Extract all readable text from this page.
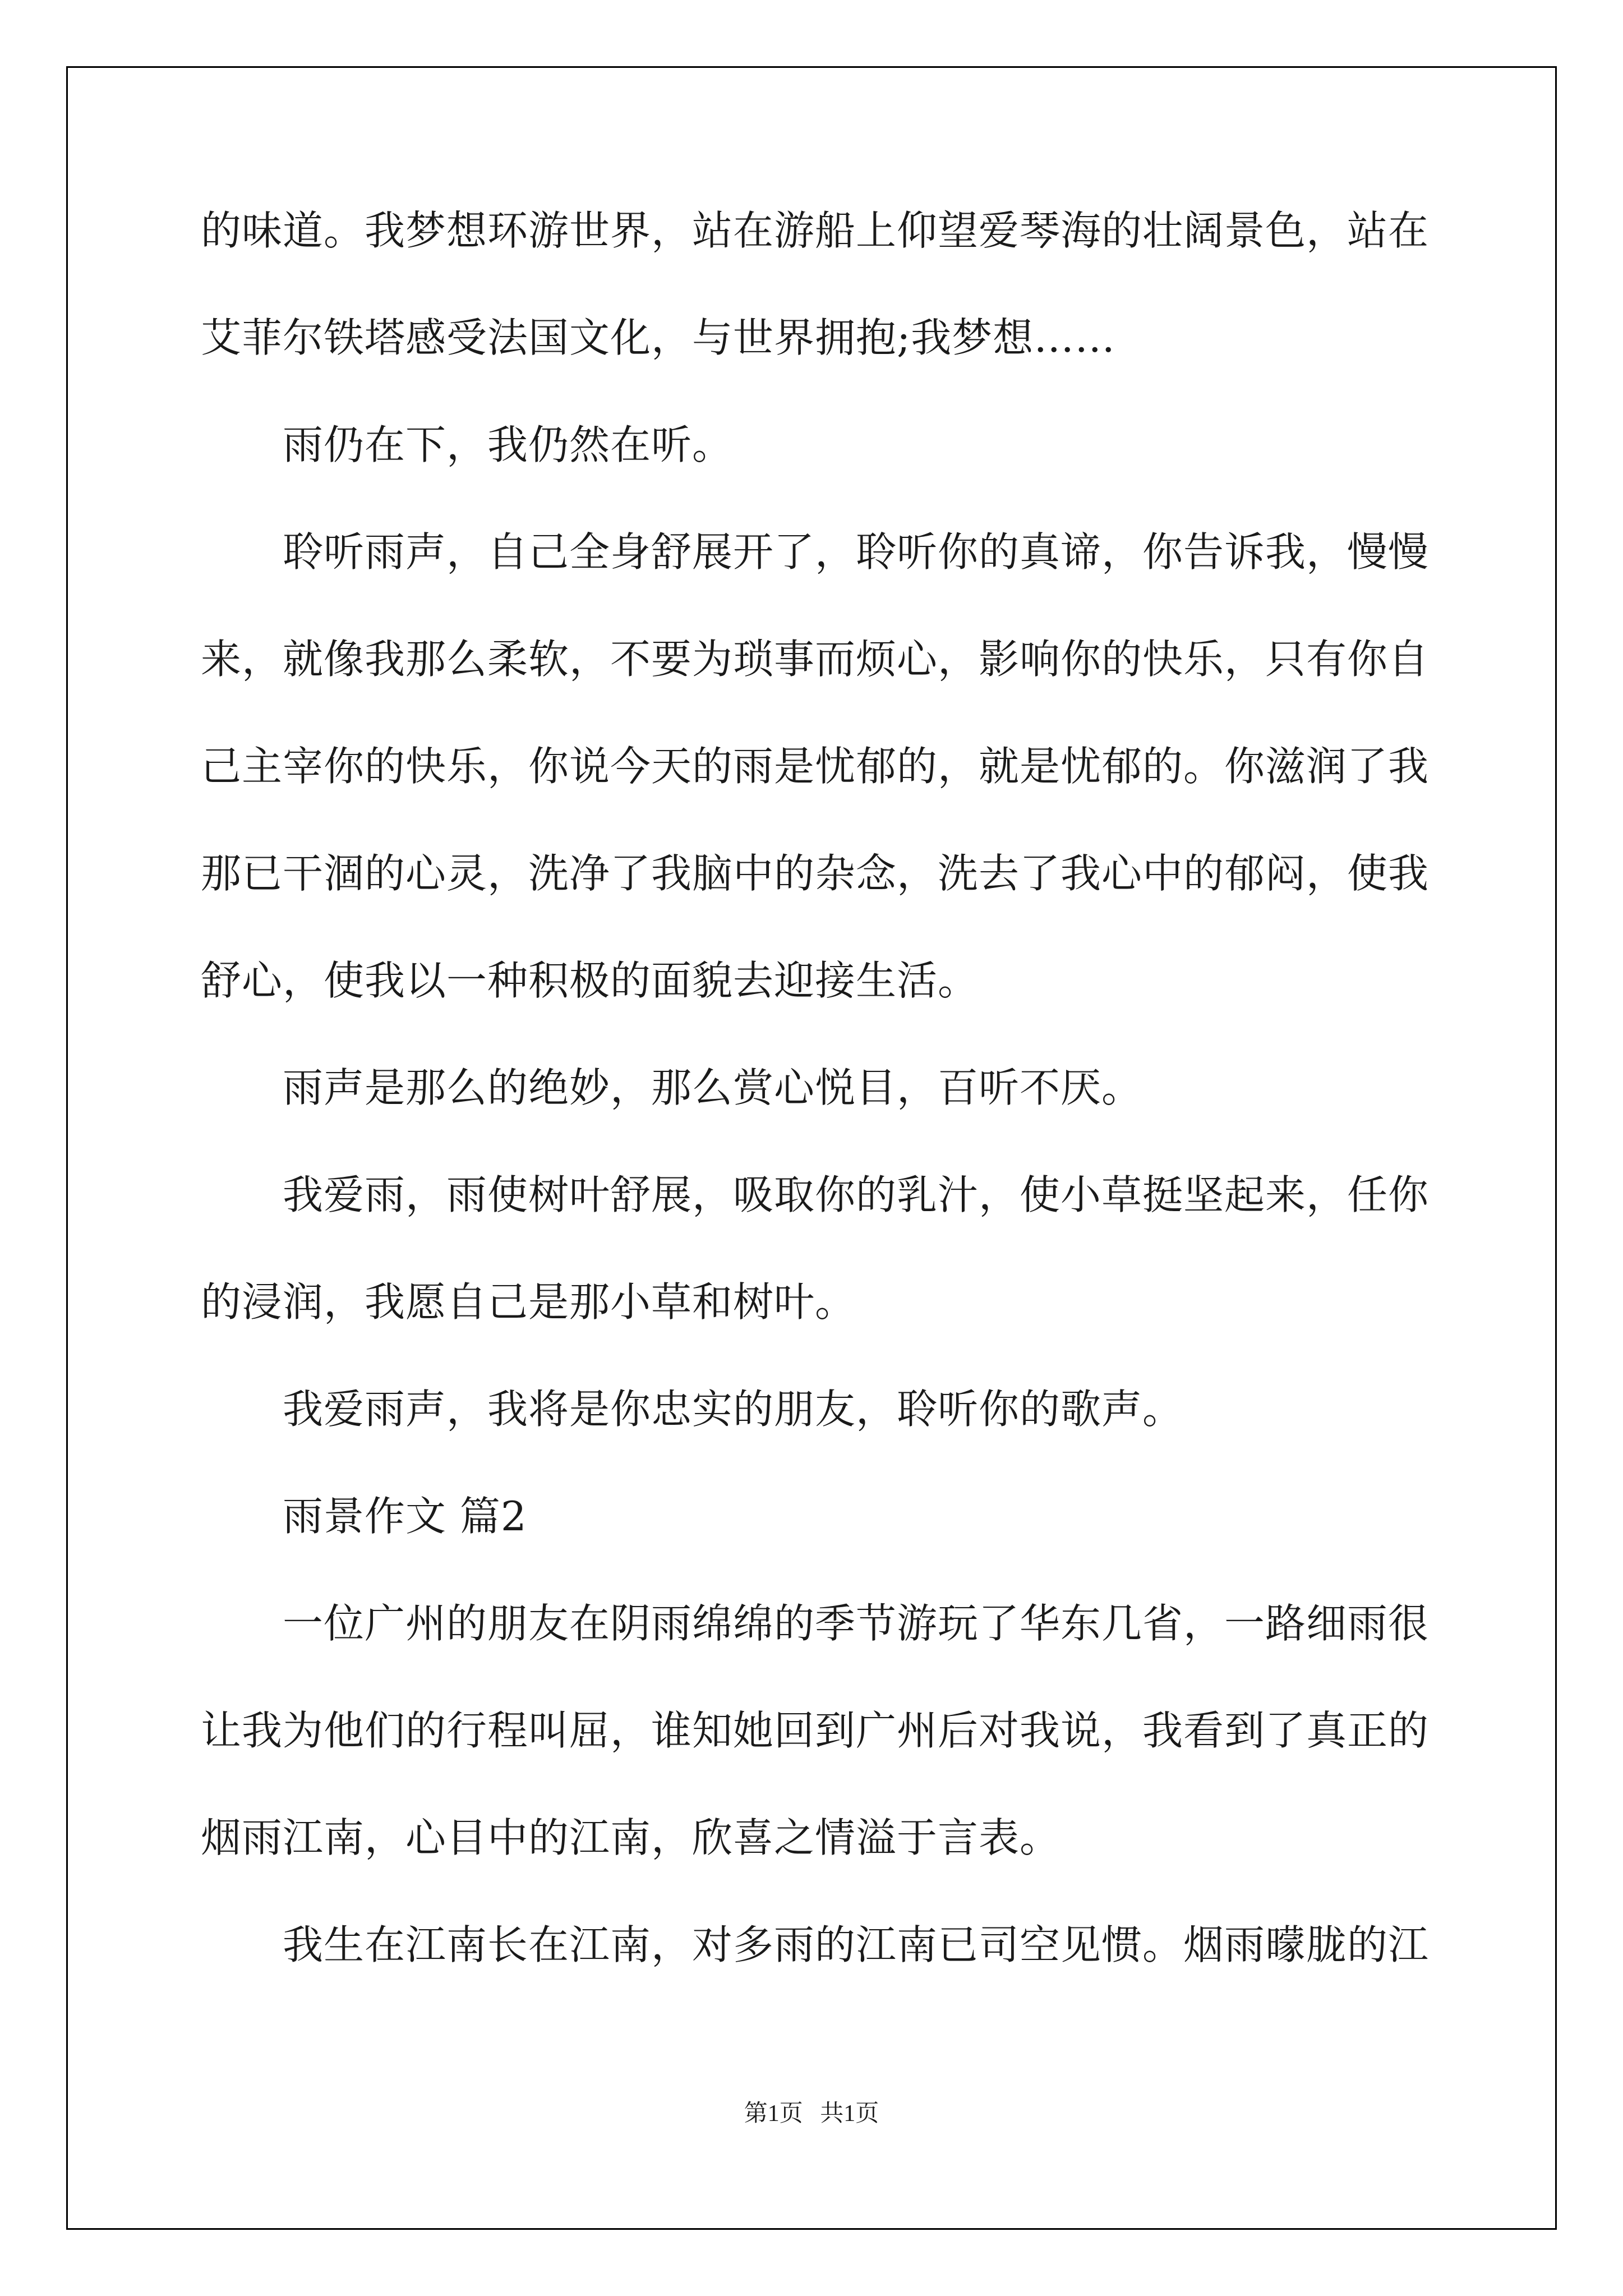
的味道。我梦想环游世界，站在游船上仰望爱琴海的壮阔景色，站在
艾菲尔铁塔感受法国文化，与世界拥抱;我梦想……
雨仍在下，我仍然在听。
聆听雨声，自己全身舒展开了，聆听你的真谛，你告诉我，慢慢
来，就像我那么柔软，不要为琐事而烦心，影响你的快乐，只有你自
己主宰你的快乐，你说今天的雨是忧郁的，就是忧郁的。你滋润了我
那已干涸的心灵，洗净了我脑中的杂念，洗去了我心中的郁闷，使我
舒心，使我以一种积极的面貌去迎接生活。
雨声是那么的绝妙，那么赏心悦目，百听不厌。
我爱雨，雨使树叶舒展，吸取你的乳汁，使小草挺坚起来，任你
的浸润，我愿自己是那小草和树叶。
我爱雨声，我将是你忠实的朋友，聆听你的歌声。
雨景作文 篇2
一位广州的朋友在阴雨绵绵的季节游玩了华东几省，一路细雨很
让我为他们的行程叫屈，谁知她回到广州后对我说，我看到了真正的
烟雨江南，心目中的江南，欣喜之情溢于言表。
我生在江南长在江南，对多雨的江南已司空见惯。烟雨曚胧的江
第1页 共1页
